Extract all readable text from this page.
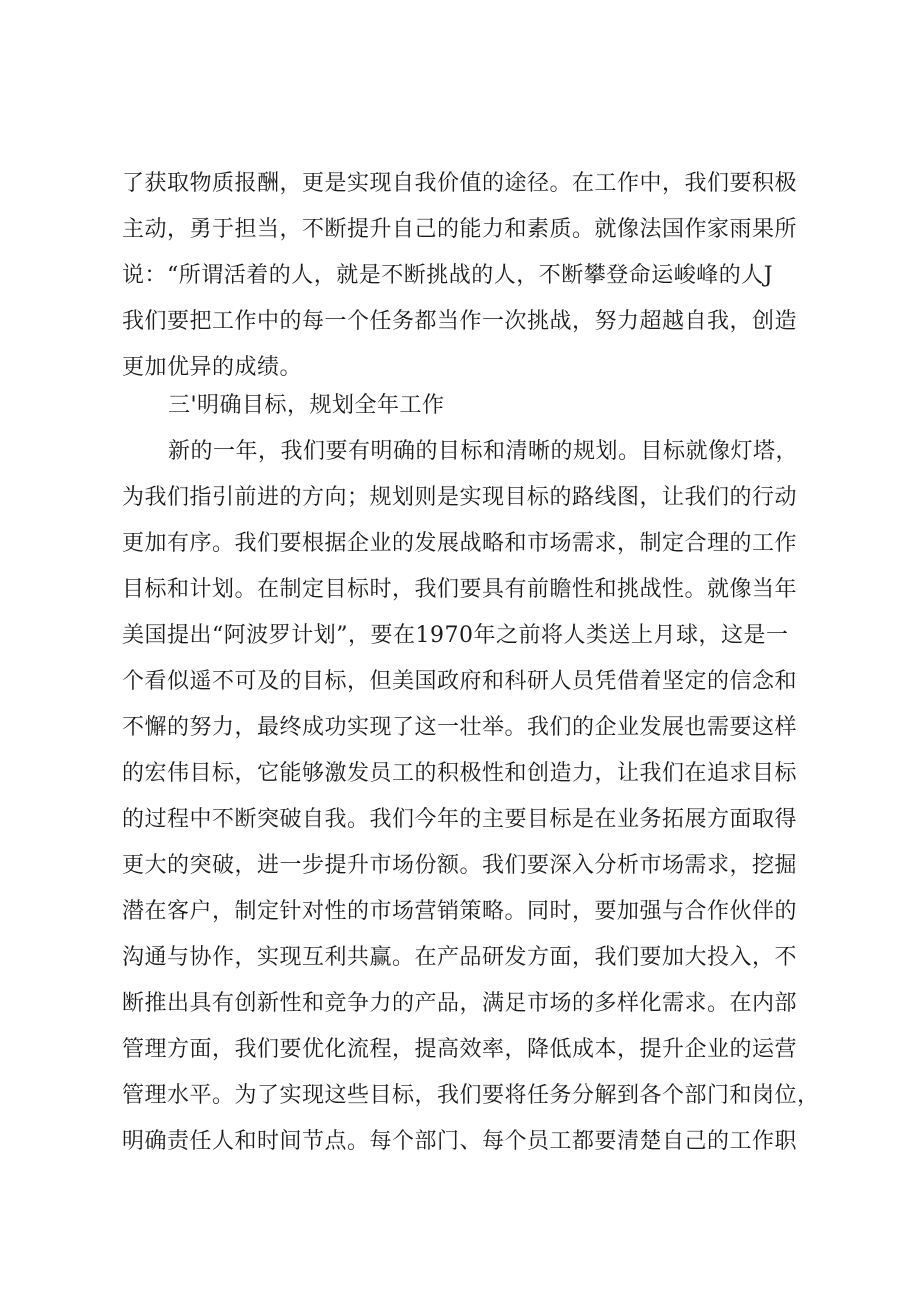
了获取物质报酬，更是实现自我价值的途径。在工作中，我们要积极
主动，勇于担当，不断提升自己的能力和素质。就像法国作家雨果所
说：“所谓活着的人，就是不断挑战的人，不断攀登命运峻峰的人J
我们要把工作中的每一个任务都当作一次挑战，努力超越自我，创造
更加优异的成绩。
三'明确目标，规划全年工作
新的一年，我们要有明确的目标和清晰的规划。目标就像灯塔，
为我们指引前进的方向；规划则是实现目标的路线图，让我们的行动
更加有序。我们要根据企业的发展战略和市场需求，制定合理的工作
目标和计划。在制定目标时，我们要具有前瞻性和挑战性。就像当年
美国提出“阿波罗计划”，要在1970年之前将人类送上月球，这是一
个看似遥不可及的目标，但美国政府和科研人员凭借着坚定的信念和
不懈的努力，最终成功实现了这一壮举。我们的企业发展也需要这样
的宏伟目标，它能够激发员工的积极性和创造力，让我们在追求目标
的过程中不断突破自我。我们今年的主要目标是在业务拓展方面取得
更大的突破，进一步提升市场份额。我们要深入分析市场需求，挖掘
潜在客户，制定针对性的市场营销策略。同时，要加强与合作伙伴的
沟通与协作，实现互利共赢。在产品研发方面，我们要加大投入，不
断推出具有创新性和竞争力的产品，满足市场的多样化需求。在内部
管理方面，我们要优化流程，提高效率，降低成本，提升企业的运营
管理水平。为了实现这些目标，我们要将任务分解到各个部门和岗位，
明确责任人和时间节点。每个部门、每个员工都要清楚自己的工作职
